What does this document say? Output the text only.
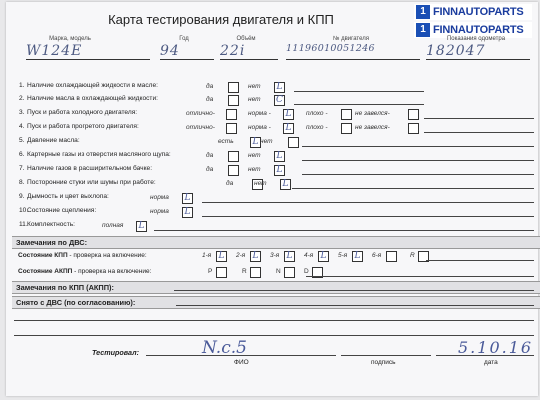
Карта тестирования двигателя и КПП
1 FINNAUTOPARTS
1 FINNAUTOPARTS
Марка, модель	Год	Объём	№ двигателя	Показания одометра
W124E	94	22i	11196010051246	182047
1. Наличие охлаждающей жидкости в масле:	да	нет L
2. Наличие масла в охлаждающей жидкости:	да	нет C
3. Пуск и работа холодного двигателя:	отлично-	норма - L	плохо -	не завелся-
4. Пуск и работа прогретого двигателя:	отлично-	норма - L	плохо -	не завелся-
5. Давление масла:	есть L нет
6. Картерные газы из отверстия масляного щупа:	да	нет L
7. Наличие газов в расширительном бачке:	да	нет L
8. Посторонние стуки или шумы при работе:	да	нет L
9. Дымность и цвет выхлопа:	норма L
10.Состояние сцепления:	норма L
11.Комплектность:	полная L
Замечания по ДВС:
Состояние КПП - проверка на включение:	1-я L	2-я L	3-я L	4-я L	5-я L	6-я	R
Состояние АКПП - проверка на включение:	P	R	N	D
Замечания по КПП (АКПП):
Снято с ДВС (по согласованию):
Тестировал:	N.c.5
ФИО	подпись
5.10.16
дата
